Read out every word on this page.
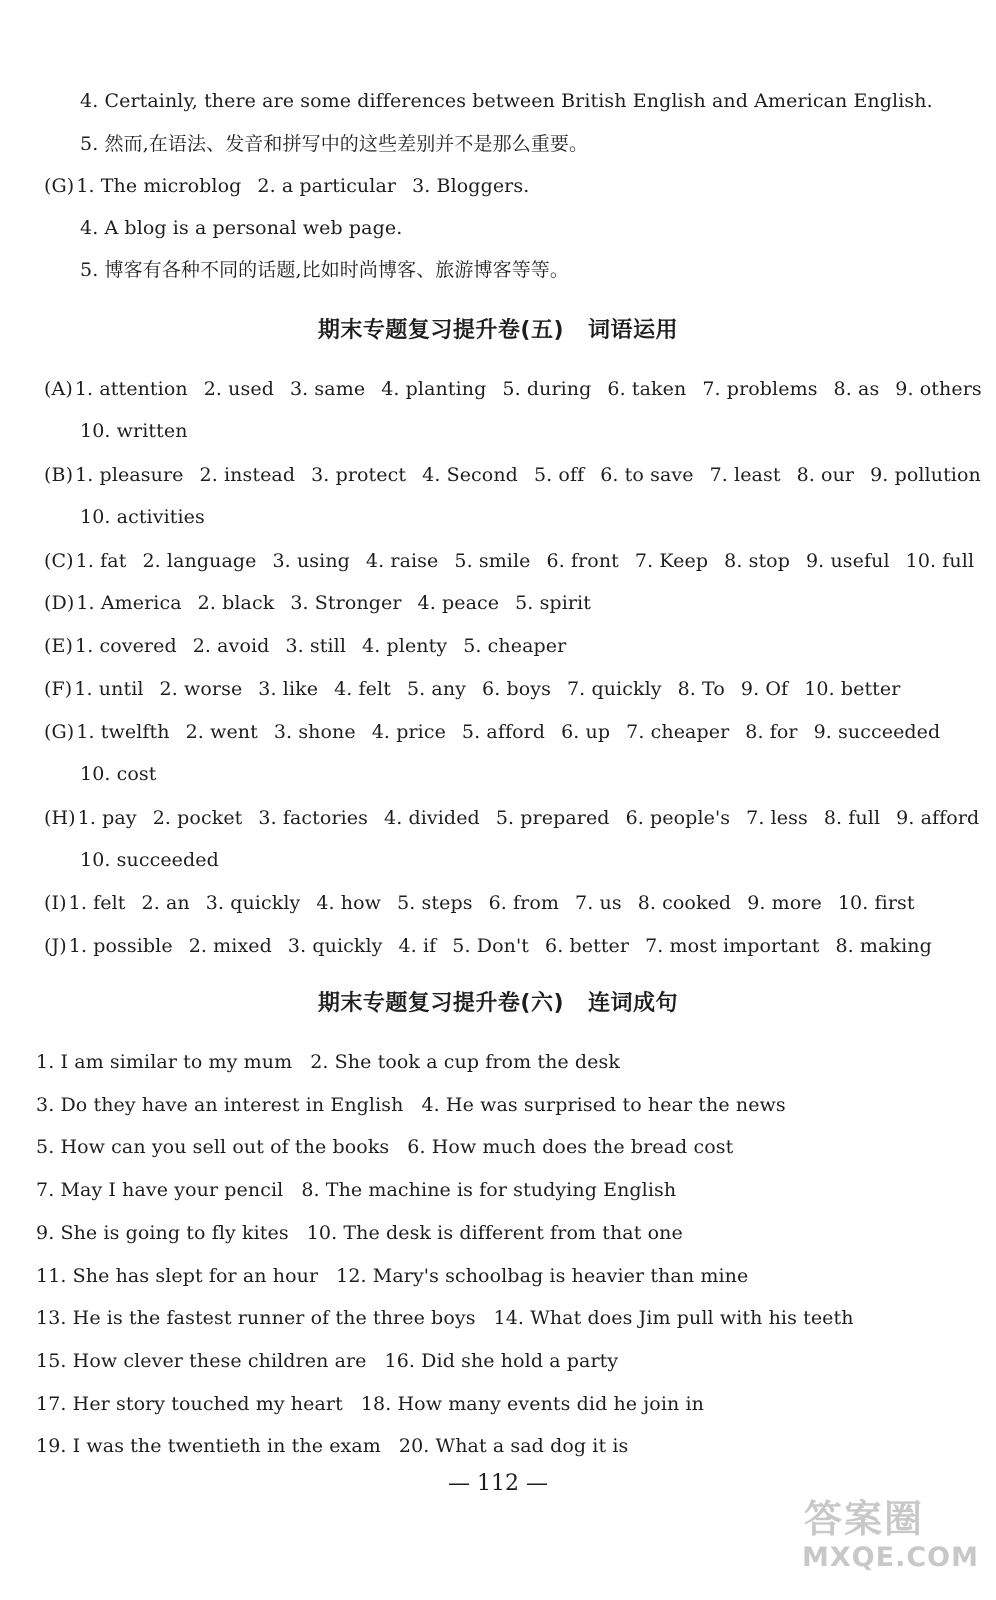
4. Certainly, there are some differences between British English and American English.
5. 然而,在语法、发音和拼写中的这些差别并不是那么重要。
(G) 1. The microblog 2. a particular 3. Bloggers.
4. A blog is a personal web page.
5. 博客有各种不同的话题,比如时尚博客、旅游博客等等。
期末专题复习提升卷(五) 词语运用
(A) 1. attention 2. used 3. same 4. planting 5. during 6. taken 7. problems 8. as 9. others
10. written
(B) 1. pleasure 2. instead 3. protect 4. Second 5. off 6. to save 7. least 8. our 9. pollution
10. activities
(C) 1. fat 2. language 3. using 4. raise 5. smile 6. front 7. Keep 8. stop 9. useful 10. full
(D) 1. America 2. black 3. Stronger 4. peace 5. spirit
(E) 1. covered 2. avoid 3. still 4. plenty 5. cheaper
(F) 1. until 2. worse 3. like 4. felt 5. any 6. boys 7. quickly 8. To 9. Of 10. better
(G) 1. twelfth 2. went 3. shone 4. price 5. afford 6. up 7. cheaper 8. for 9. succeeded
10. cost
(H) 1. pay 2. pocket 3. factories 4. divided 5. prepared 6. people's 7. less 8. full 9. afford
10. succeeded
(I) 1. felt 2. an 3. quickly 4. how 5. steps 6. from 7. us 8. cooked 9. more 10. first
(J) 1. possible 2. mixed 3. quickly 4. if 5. Don't 6. better 7. most important 8. making
期末专题复习提升卷(六) 连词成句
1. I am similar to my mum 2. She took a cup from the desk
3. Do they have an interest in English 4. He was surprised to hear the news
5. How can you sell out of the books 6. How much does the bread cost
7. May I have your pencil 8. The machine is for studying English
9. She is going to fly kites 10. The desk is different from that one
11. She has slept for an hour 12. Mary's schoolbag is heavier than mine
13. He is the fastest runner of the three boys 14. What does Jim pull with his teeth
15. How clever these children are 16. Did she hold a party
17. Her story touched my heart 18. How many events did he join in
19. I was the twentieth in the exam 20. What a sad dog it is
— 112 —
答案圈
MXQE.COM
